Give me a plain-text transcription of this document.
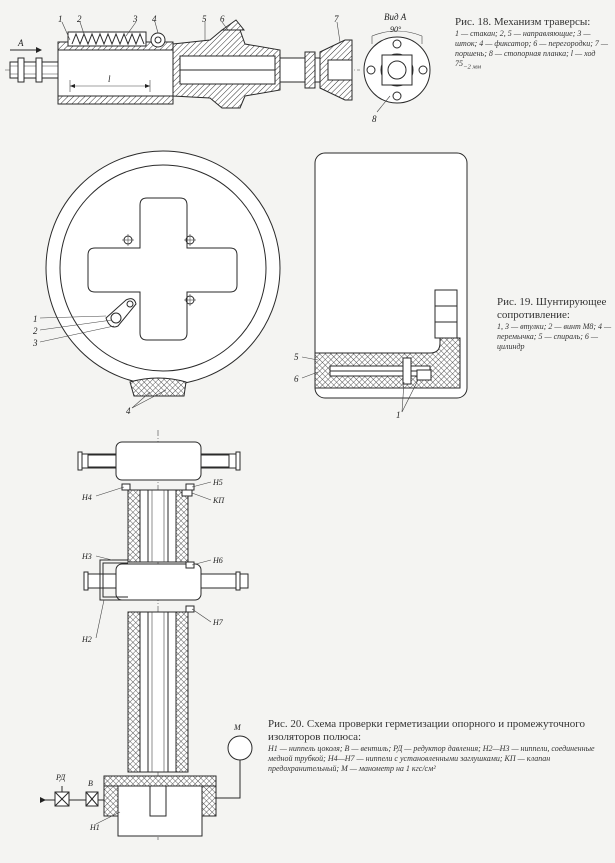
1 2	3 4	5 6	7
8
А
l
Вид А
90°
1
2
3
4
5
6
1
Н4
Н5
КП
Н3	Н6
Н2
Н7
Н1
М
РД
В
Рис. 18. Механизм траверсы:
1 — стакан; 2, 5 — направляющие; 3 — шток; 4 — фиксатор; 6 — перегородки; 7 — поршень; 8 — стопорная планка; l — ход $75_{-2 мм}$
Рис. 19. Шунтирующее сопротивление:
1, 3 — втулки; 2 — винт М8; 4 — перемычка; 5 — спираль; 6 — цилиндр
Рис. 20. Схема проверки герметизации опорного и промежуточного изоляторов полюса:
Н1 — ниппель цоколя; В — вентиль; РД — редуктор давления; Н2—Н3 — ниппели, соединенные медной трубкой; Н4—Н7 — ниппели с установленными заглушками; КП — клапан предохранительный; М — манометр на 1 кгс/см²
